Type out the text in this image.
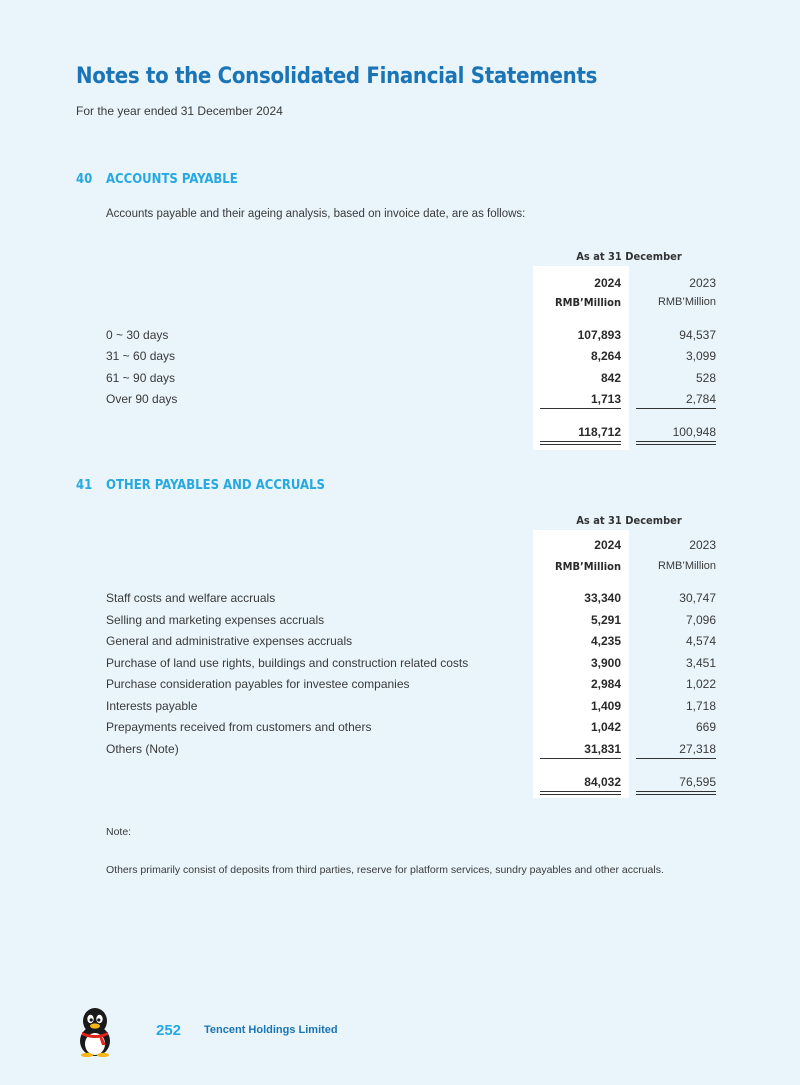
Notes to the Consolidated Financial Statements
For the year ended 31 December 2024
40 ACCOUNTS PAYABLE
Accounts payable and their ageing analysis, based on invoice date, are as follows:
As at 31 December
2024	2023
RMB’Million	RMB’Million
0 ~ 30 days	107,893	94,537
31 ~ 60 days	8,264	3,099
61 ~ 90 days	842	528
Over 90 days	1,713	2,784
118,712	100,948
41 OTHER PAYABLES AND ACCRUALS
As at 31 December
2024	2023
RMB’Million	RMB’Million
Staff costs and welfare accruals	33,340	30,747
Selling and marketing expenses accruals	5,291	7,096
General and administrative expenses accruals	4,235	4,574
Purchase of land use rights, buildings and construction related costs	3,900	3,451
Purchase consideration payables for investee companies	2,984	1,022
Interests payable	1,409	1,718
Prepayments received from customers and others	1,042	669
Others (Note)	31,831	27,318
84,032	76,595
Note:
Others primarily consist of deposits from third parties, reserve for platform services, sundry payables and other accruals.
252 Tencent Holdings Limited
